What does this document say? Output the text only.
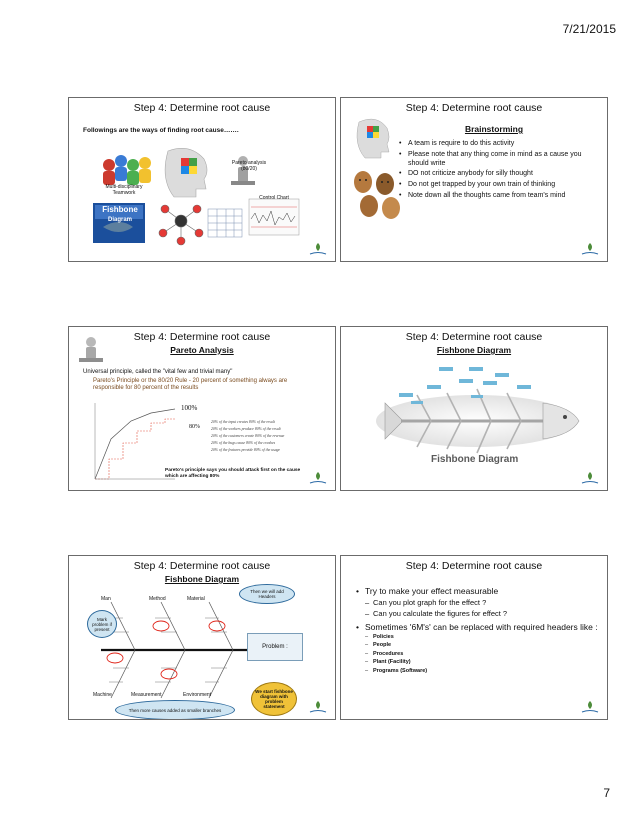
7/21/2015
Step 4: Determine root cause
Followings are the ways of finding root cause…….
Multi-disciplinary Teamwork
Pareto analysis (80/20)
Control Chart
Fishbone
Diagram
Step 4: Determine root cause
Brainstorming
• A team is require to do this activity
• Please note that any thing come in mind as a cause you should write
• DO not criticize anybody for silly thought
• Do not get trapped by your own train of thinking
• Note down all the thoughts came from team's mind
Step 4: Determine root cause
Pareto Analysis
Universal principle, called the "vital few and trivial many"
Pareto's Principle or the 80/20 Rule - 20 percent of something always are responsible for 80 percent of the results
100%
80%
20% of the input creates 80% of the result
20% of the workers produce 80% of the result
20% of the customers create 80% of the revenue
20% of the bugs cause 80% of the crashes
20% of the features provide 80% of the usage
Pareto's principle says you should attack first on the cause which are affecting 80%
Step 4: Determine root cause
Fishbone Diagram
Fishbone Diagram
Step 4: Determine root cause
Fishbone Diagram
Man	Method	Material
Machine	Measurement	Environment
Problem :
Then we will add Headers
Mark problem if present
Then more causes added as smaller branches
We start fishbone diagram with problem statement
Step 4: Determine root cause
• Try to make your effect measurable
– Can you plot graph for the effect ?
– Can you calculate the figures for effect ?
• Sometimes '6M's' can be replaced with required headers like :
– Policies
– People
– Procedures
– Plant (Facility)
– Programs (Software)
7
